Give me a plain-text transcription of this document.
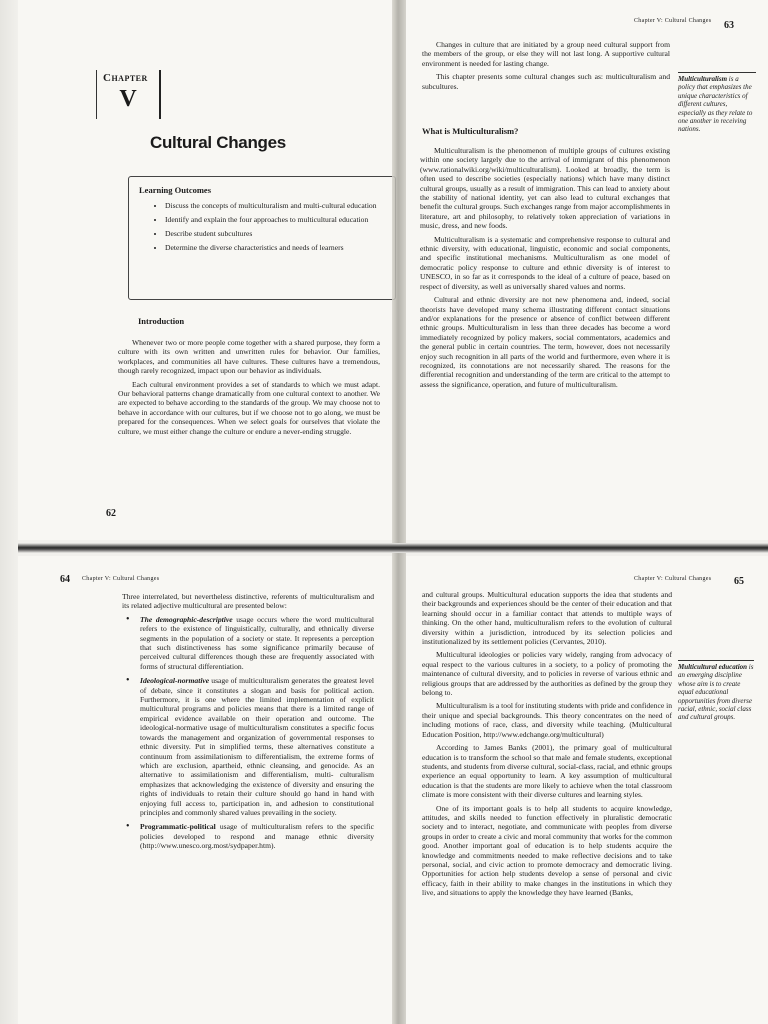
Chapter
V
Cultural Changes
Learning Outcomes
• Discuss the concepts of multiculturalism and multi-cultural education
• Identify and explain the four approaches to multicultural education
• Describe student subcultures
• Determine the diverse characteristics and needs of learners
Introduction

Whenever two or more people come together with a shared purpose, they form a culture with its own written and unwritten rules for behavior. Our families, workplaces, and communities all have cultures. These cultures have a tremendous, though rarely recognized, impact upon our behavior as individuals.

Each cultural environment provides a set of standards to which we must adapt. Our behavioral patterns change dramatically from one cultural context to another. We are expected to behave according to the standards of the group. We may choose not to behave in accordance with our cultures, but if we choose not to go along, we must be prepared for the consequences. When we select goals for ourselves that violate the culture, we must either change the culture or endure a never-ending struggle.

62
Chapter V: Cultural Changes 63

Changes in culture that are initiated by a group need cultural support from the members of the group, or else they will not last long. A supportive cultural environment is needed for lasting change.

This chapter presents some cultural changes such as: multiculturalism and subcultures.

What is Multiculturalism?

Multiculturalism is the phenomenon of multiple groups of cultures existing within one society largely due to the arrival of immigrant of this phenomenon (www.rationalwiki.org/wiki/multiculturalism). Looked at broadly, the term is often used to describe societies (especially nations) which have many distinct cultural groups, usually as a result of immigration. This can lead to anxiety about the stability of national identity, yet can also lead to cultural exchanges that benefit the cultural groups. Such exchanges range from major accomplishments in literature, art and philosophy, to relatively token appreciation of variations in music, dress, and new foods.

Multiculturalism is a systematic and comprehensive response to cultural and ethnic diversity, with educational, linguistic, economic and social components, and specific institutional mechanisms. Multiculturalism as one model of democratic policy response to culture and ethnic diversity is of interest to UNESCO, in so far as it corresponds to the ideal of a culture of peace, based on respect of diversity, as well as universally shared values and norms.

Cultural and ethnic diversity are not new phenomena and, indeed, social theorists have developed many schema illustrating different contact situations and/or explanations for the presence or absence of conflict between different ethnic groups. Multiculturalism in less than three decades has become a word immediately recognized by policy makers, social commentators, academics and the general public in certain countries. The term, however, does not necessarily enjoy such recognition in all parts of the world and furthermore, even where it is recognized, its connotations are not necessarily shared. The reasons for the differential recognition and understanding of the term are critical to the attempt to assess the significance, operation, and future of multiculturalism.

Multiculturalism is a policy that emphasizes the unique characteristics of different cultures, especially as they relate to one another in receiving nations.
64 Chapter V: Cultural Changes

Three interrelated, but nevertheless distinctive, referents of multiculturalism and its related adjective multicultural are presented below:

• The demographic-descriptive usage occurs where the word multicultural refers to the existence of linguistically, culturally, and ethnically diverse segments in the population of a society or state. It represents a perception that such distinctiveness has some significance primarily because of perceived cultural differences though these are frequently associated with forms of structural differentiation.
• Ideological-normative usage of multiculturalism generates the greatest level of debate, since it constitutes a slogan and basis for political action. Furthermore, it is one where the limited implementation of explicit multicultural programs and policies means that there is a limited range of empirical evidence available on their operation and outcome. The ideological-normative usage of multiculturalism constitutes a specific focus towards the management and organization of governmental responses to ethnic diversity. Put in simplified terms, these alternatives constitute a continuum from assimilationism to differentialism, the extreme forms of which are exclusion, apartheid, ethnic cleansing, and genocide. As an alternative to assimilationism and differentialism, multi- culturalism emphasizes that acknowledging the existence of diversity and ensuring the rights of individuals to retain their culture should go hand in hand with enjoying full access to, participation in, and adhesion to constitutional principles and commonly shared values prevailing in the society.
• Programmatic-political usage of multiculturalism refers to the specific policies developed to respond and manage ethnic diversity (http://www.unesco.org.most/sydpaper.htm).
Chapter V: Cultural Changes 65

and cultural groups. Multicultural education supports the idea that students and their backgrounds and experiences should be the center of their education and that learning should occur in a familiar contact that attends to multiple ways of thinking. On the other hand, multiculturalism refers to the evolution of cultural diversity within a jurisdiction, introduced by its selection policies and institutionalized by its settlement policies (Cervantes, 2010).

Multicultural ideologies or policies vary widely, ranging from advocacy of equal respect to the various cultures in a society, to a policy of promoting the maintenance of cultural diversity, and to policies in reverse of various ethnic and religious groups that are addressed by the authorities as defined by the group they belong to.

Multiculturalism is a tool for instituting students with pride and confidence in their unique and special backgrounds. This theory concentrates on the need of including motions of race, class, and diversity while teaching. (Multicultural Education Position, http://www.edchange.org/multicultural)

According to James Banks (2001), the primary goal of multicultural education is to transform the school so that male and female students, exceptional students, and students from diverse cultural, social-class, racial, and ethnic groups experience an equal opportunity to learn. A key assumption of multicultural education is that the students are more likely to achieve when the total classroom climate is more consistent with their diverse cultures and learning styles.

One of its important goals is to help all students to acquire knowledge, attitudes, and skills needed to function effectively in pluralistic democratic society and to interact, negotiate, and communicate with peoples from diverse groups in order to create a civic and moral community that works for the common good. Another important goal of education is to help students acquire the knowledge and commitments needed to make reflective decisions and to take personal, social, and civic action to promote democracy and democratic living. Opportunities for action help students develop a sense of personal and civic efficacy, faith in their ability to make changes in the institutions in which they live, and situations to apply the knowledge they have learned (Banks,

Multicultural education is an emerging discipline whose aim is to create equal educational opportunities from diverse racial, ethnic, social class and cultural groups.
